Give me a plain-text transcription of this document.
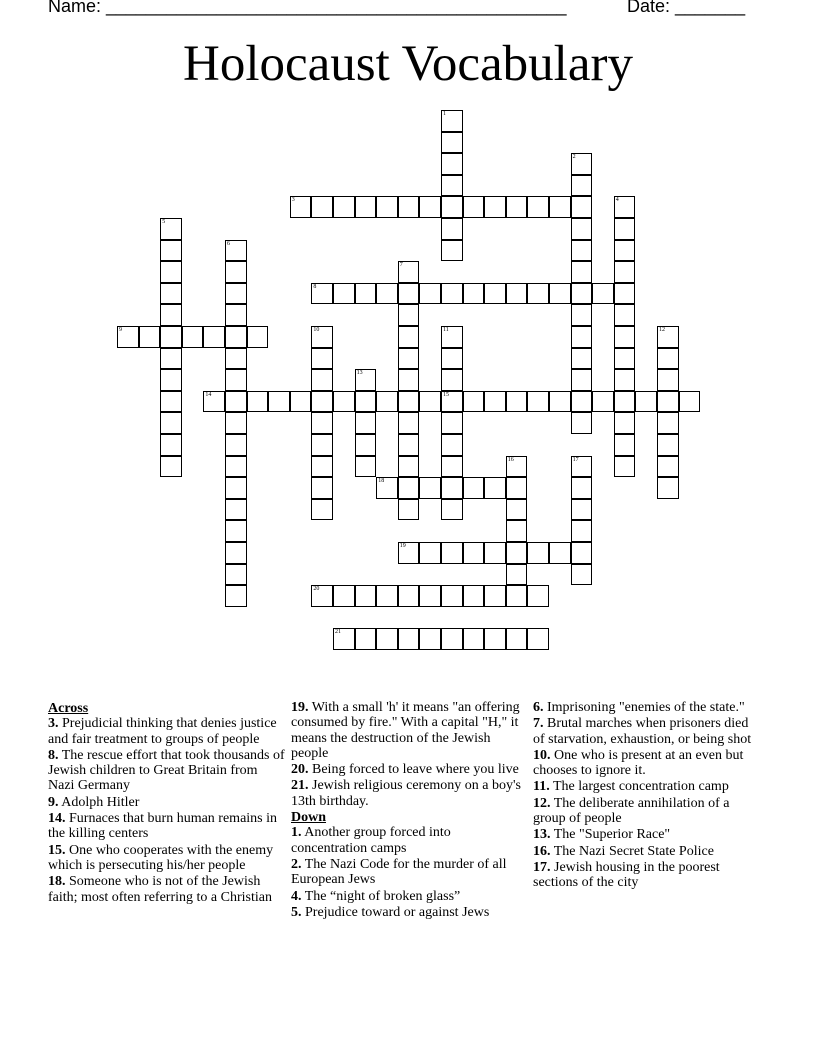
Name: ______________________________________________	Date: _______
Holocaust Vocabulary
1
2
3	4
5
6
7
8
9	10	11
15
12
13
14
16	17
18
19
20
21
Across
3. Prejudicial thinking that denies justice and fair treatment to groups of people
8. The rescue effort that took thousands of Jewish children to Great Britain from Nazi Germany
9. Adolph Hitler
14. Furnaces that burn human remains in the killing centers
15. One who cooperates with the enemy which is persecuting his/her people
18. Someone who is not of the Jewish faith; most often referring to a Christian
19. With a small 'h' it means "an offering consumed by fire." With a capital "H," it means the destruction of the Jewish people
20. Being forced to leave where you live
21. Jewish religious ceremony on a boy's 13th birthday.
Down
1. Another group forced into concentration camps
2. The Nazi Code for the murder of all European Jews
4. The “night of broken glass”
5. Prejudice toward or against Jews
6. Imprisoning "enemies of the state."
7. Brutal marches when prisoners died of starvation, exhaustion, or being shot
10. One who is present at an even but chooses to ignore it.
11. The largest concentration camp
12. The deliberate annihilation of a group of people
13. The "Superior Race"
16. The Nazi Secret State Police
17. Jewish housing in the poorest sections of the city
